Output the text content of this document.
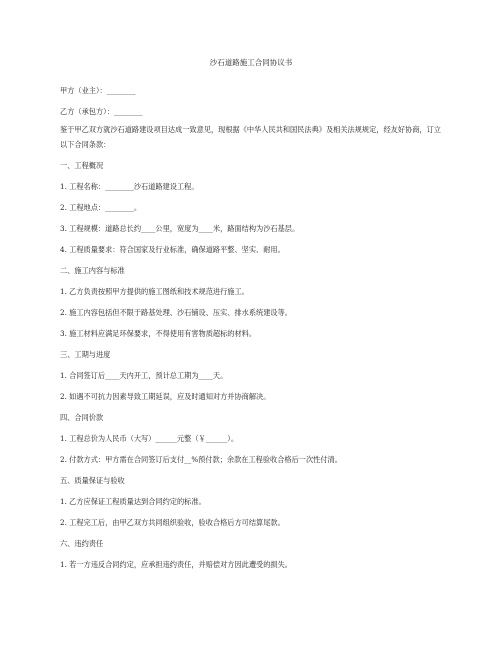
沙石道路施工合同协议书
甲方（业主）：________
乙方（承包方）：________
鉴于甲乙双方就沙石道路建设项目达成一致意见，现根据《中华人民共和国民法典》及相关法规规定，经友好协商，订立以下合同条款：
一、工程概况
1. 工程名称：________沙石道路建设工程。
2. 工程地点：________。
3. 工程规模：道路总长约____公里，宽度为____米，路面结构为沙石基层。
4. 工程质量要求：符合国家及行业标准，确保道路平整、坚实、耐用。
二、施工内容与标准
1. 乙方负责按照甲方提供的施工图纸和技术规范进行施工。
2. 施工内容包括但不限于路基处理、沙石铺设、压实、排水系统建设等。
3. 施工材料应满足环保要求，不得使用有害物质超标的材料。
三、工期与进度
1. 合同签订后____天内开工，预计总工期为____天。
2. 如遇不可抗力因素导致工期延误，应及时通知对方并协商解决。
四、合同价款
1. 工程总价为人民币（大写）______元整（￥______）。
2. 付款方式：甲方需在合同签订后支付__%预付款；余款在工程验收合格后一次性付清。
五、质量保证与验收
1. 乙方应保证工程质量达到合同约定的标准。
2. 工程完工后，由甲乙双方共同组织验收，验收合格后方可结算尾款。
六、违约责任
1. 若一方违反合同约定，应承担违约责任，并赔偿对方因此遭受的损失。
